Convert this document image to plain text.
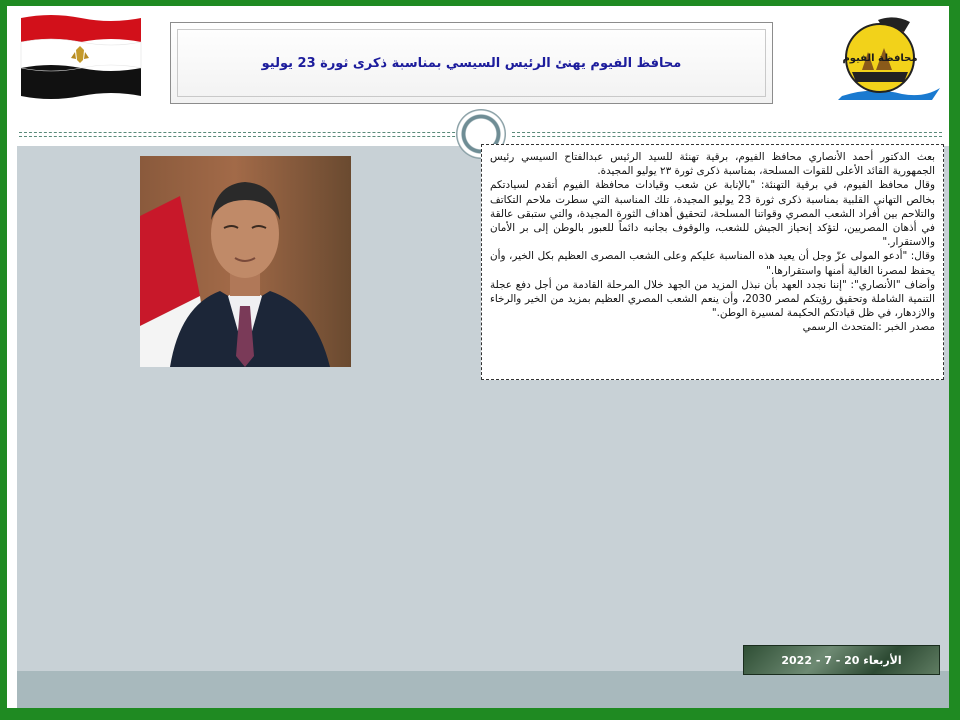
محافظ الفيوم يهنئ الرئيس السيسي بمناسبة ذكرى ثورة 23 يوليو	محافظة الفيوم

بعث الدكتور أحمد الأنصاري محافظ الفيوم، برقية تهنئة للسيد الرئيس عبدالفتاح السيسي رئيس الجمهورية القائد الأعلى للقوات المسلحة، بمناسبة ذكرى ثورة ٢٣ يوليو المجيدة.

وقال محافظ الفيوم، في برقية التهنئة: "بالإنابة عن شعب وقيادات محافظة الفيوم أتقدم لسيادتكم بخالص التهاني القلبية بمناسبة ذكرى ثورة 23 يوليو المجيدة، تلك المناسبة التي سطرت ملاحم التكاتف والتلاحم بين أفراد الشعب المصري وقواتنا المسلحة، لتحقيق أهداف الثورة المجيدة، والتي ستبقى عالقة في أذهان المصريين، لتؤكد إنحياز الجيش للشعب، والوقوف بجانبه دائماً للعبور بالوطن إلى بر الأمان والاستقرار."

وقال: "أدعو المولى عزّ وجل أن يعيد هذه المناسبة عليكم وعلى الشعب المصرى العظيم بكل الخير، وأن يحفظ لمصرنا الغالية أمنها واستقرارها."

وأضاف "الأنصاري": "إننا نجدد العهد بأن نبذل المزيد من الجهد خلال المرحلة القادمة من أجل دفع عجلة التنمية الشاملة وتحقيق رؤيتكم لمصر 2030، وأن ينعم الشعب المصري العظيم بمزيد من الخير والرخاء والازدهار، في ظل قيادتكم الحكيمة لمسيرة الوطن."

مصدر الخبر :المتحدث الرسمي

الأربعاء 20 - 7 - 2022
